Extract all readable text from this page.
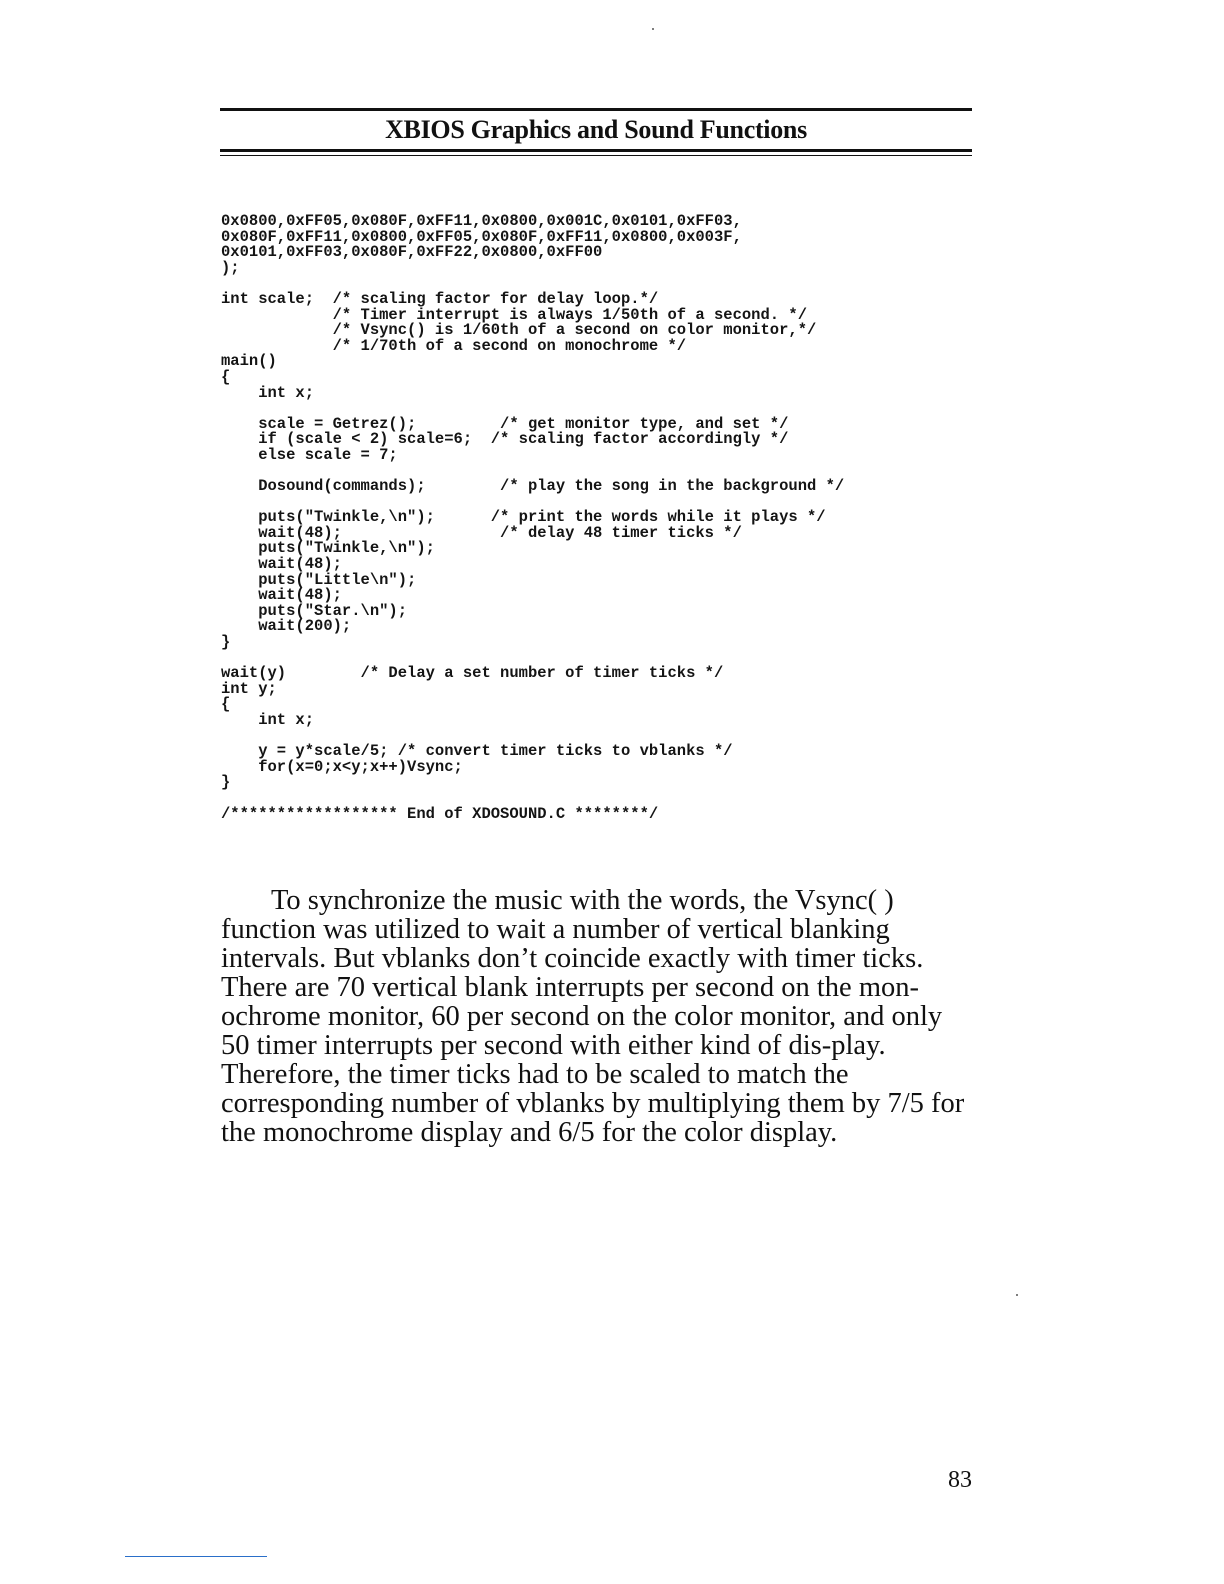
XBIOS Graphics and Sound Functions
0x0800,0xFF05,0x080F,0xFF11,0x0800,0x001C,0x0101,0xFF03,
0x080F,0xFF11,0x0800,0xFF05,0x080F,0xFF11,0x0800,0x003F,
0x0101,0xFF03,0x080F,0xFF22,0x0800,0xFF00
);

int scale;  /* scaling factor for delay loop.*/
/* Timer interrupt is always 1/50th of a second. */
/* Vsync() is 1/60th of a second on color monitor,*/
/* 1/70th of a second on monochrome */
main()
{
int x;

scale = Getrez();         /* get monitor type, and set */
if (scale < 2) scale=6;  /* scaling factor accordingly */
else scale = 7;

Dosound(commands);        /* play the song in the background */

puts("Twinkle,\n");      /* print the words while it plays */
wait(48);                 /* delay 48 timer ticks */
puts("Twinkle,\n");
wait(48);
puts("Little\n");
wait(48);
puts("Star.\n");
wait(200);
}

wait(y)        /* Delay a set number of timer ticks */
int y;
{
int x;

y = y*scale/5; /* convert timer ticks to vblanks */
for(x=0;x<y;x++)Vsync;
}

/****************** End of XDOSOUND.C ********/

To synchronize the music with the words, the Vsync( ) function was utilized to wait a number of vertical blanking intervals. But vblanks don’t coincide exactly with timer ticks. There are 70 vertical blank interrupts per second on the mon-ochrome monitor, 60 per second on the color monitor, and only 50 timer interrupts per second with either kind of dis-play. Therefore, the timer ticks had to be scaled to match the corresponding number of vblanks by multiplying them by 7/5 for the monochrome display and 6/5 for the color display.

83
